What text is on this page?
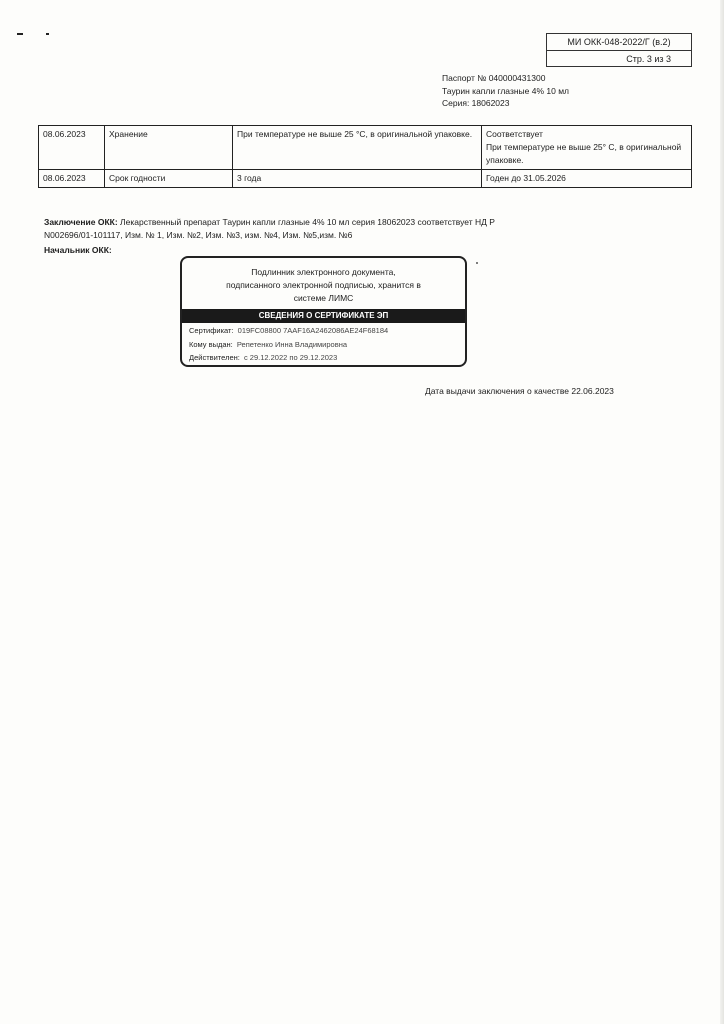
МИ ОКК-048-2022/Г (в.2)
Стр. 3 из 3
Паспорт № 040000431300
Таурин капли глазные 4% 10 мл
Серия: 18062023
08.06.2023	Хранение	При температуре не выше 25 °С, в оригинальной упаковке.	Соответствует
При температуре не выше 25° С, в оригинальной упаковке.

08.06.2023	Срок годности	3 года	Годен до 31.05.2026
Заключение ОКК: Лекарственный препарат Таурин капли глазные 4% 10 мл серия 18062023 соответствует НД Р N002696/01-101117, Изм. № 1, Изм. №2, Изм. №3, изм. №4, Изм. №5,изм. №6
Начальник ОКК:
Подлинник электронного документа,
подписанного электронной подписью, хранится в
системе ЛИМС
СВЕДЕНИЯ О СЕРТИФИКАТЕ ЭП
Сертификат: 019FC08800 7AAF16A2462086AE24F68184
Кому выдан: Репетенко Инна Владимировна
Действителен: с 29.12.2022 по 29.12.2023
Дата выдачи заключения о качестве 22.06.2023
